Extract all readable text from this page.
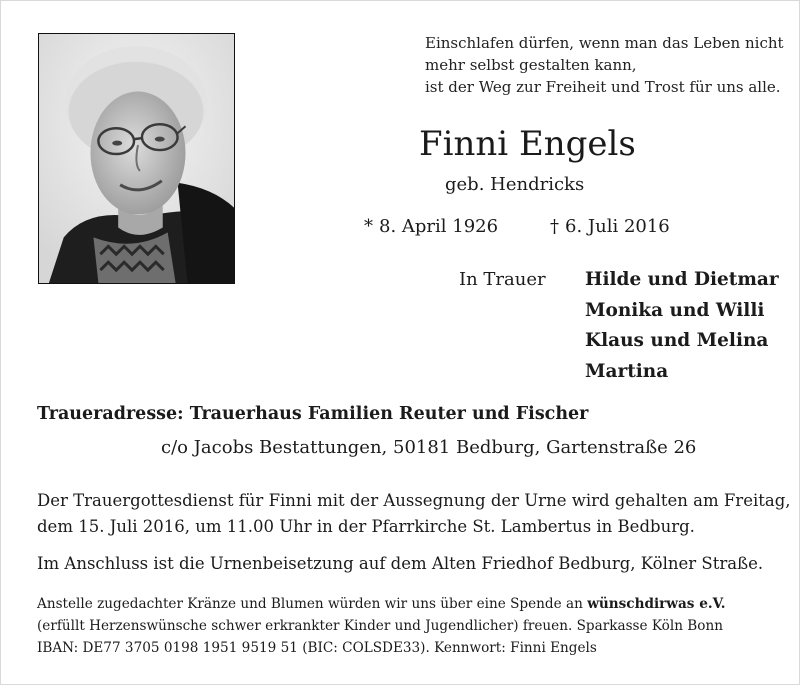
Einschlafen dürfen, wenn man das Leben nicht
mehr selbst gestalten kann,
ist der Weg zur Freiheit und Trost für uns alle.
Finni Engels
geb. Hendricks
* 8. April 1926	† 6. Juli 2016
In Trauer Hilde und Dietmar
Monika und Willi
Klaus und Melina
Martina
Traueradresse: Trauerhaus Familien Reuter und Fischer
c/o Jacobs Bestattungen, 50181 Bedburg, Gartenstraße 26
Der Trauergottesdienst für Finni mit der Aussegnung der Urne wird gehalten am Freitag,
dem 15. Juli 2016, um 11.00 Uhr in der Pfarrkirche St. Lambertus in Bedburg.
Im Anschluss ist die Urnenbeisetzung auf dem Alten Friedhof Bedburg, Kölner Straße.
Anstelle zugedachter Kränze und Blumen würden wir uns über eine Spende an wünschdirwas e.V.
(erfüllt Herzenswünsche schwer erkrankter Kinder und Jugendlicher) freuen. Sparkasse Köln Bonn
IBAN: DE77 3705 0198 1951 9519 51 (BIC: COLSDE33). Kennwort: Finni Engels
